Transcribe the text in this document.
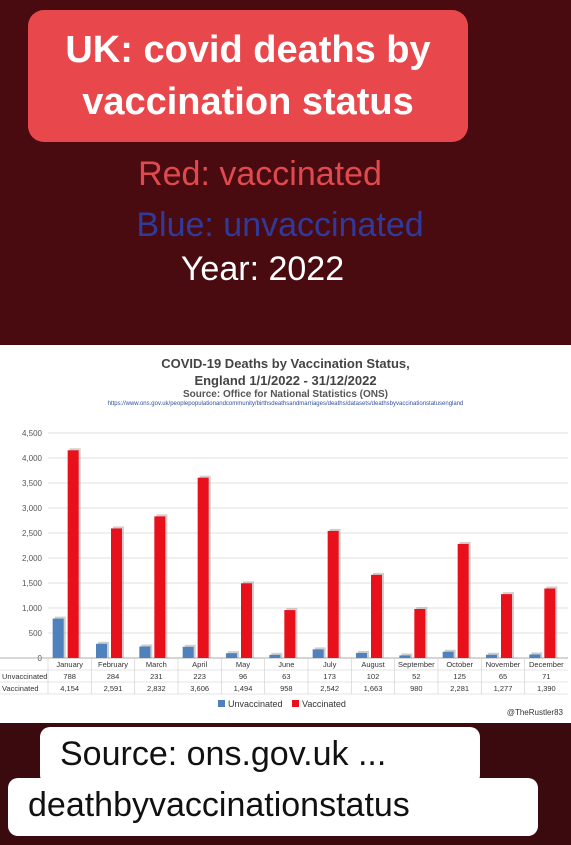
UK: covid deaths by
vaccination status
Red: vaccinated
Blue: unvaccinated
Year: 2022
COVID-19 Deaths by Vaccination Status,
England 1/1/2022 - 31/12/2022
Source: Office for National Statistics (ONS)
https://www.ons.gov.uk/peoplepopulationandcommunity/birthsdeathsandmarriages/deaths/datasets/deathsbyvaccinationstatusengland
0
500
1,000
1,500
2,000
2,500
3,000
3,500
4,000
4,500
Unvaccinated
Vaccinated
January
788
4,154
February
284
2,591
March
231
2,832
April
223
3,606
May
96
1,494
June
63
958
July
173
2,542
August
102
1,663
September
52
980
October
125
2,281
November
65
1,277
December
71
1,390
Unvaccinated Vaccinated
@TheRustler83
Source: ons.gov.uk ...
deathbyvaccinationstatus
